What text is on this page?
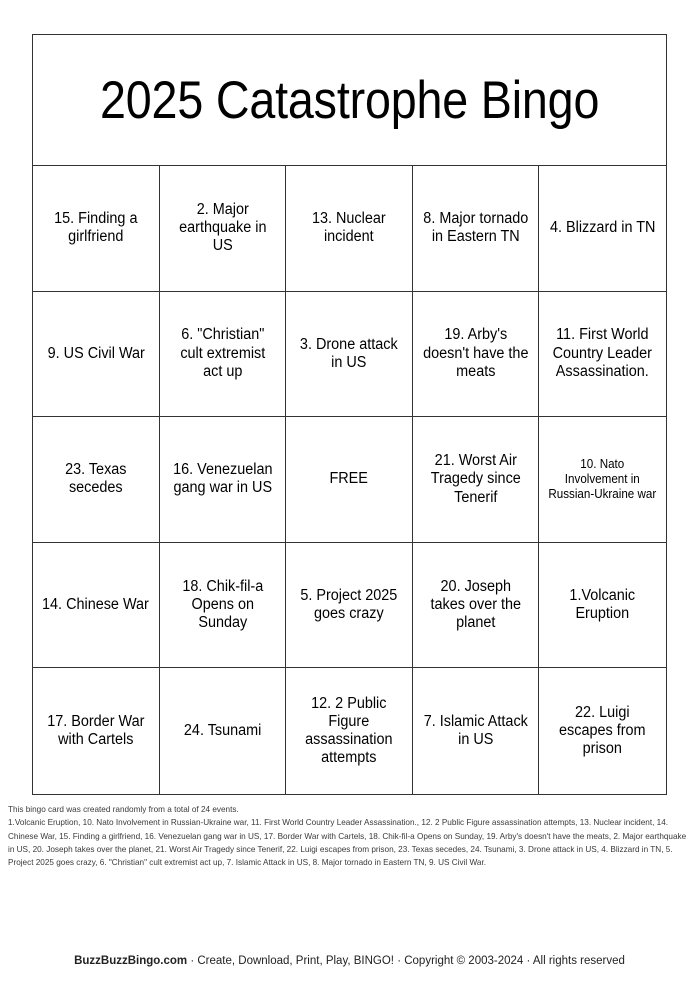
2025 Catastrophe Bingo
15. Finding a girlfriend
2. Major earthquake in US
13. Nuclear incident
8. Major tornado in Eastern TN
4. Blizzard in TN
9. US Civil War
6. "Christian" cult extremist act up
3. Drone attack in US
19. Arby's doesn't have the meats
11. First World Country Leader Assassination.
23. Texas secedes
16. Venezuelan gang war in US
FREE
21. Worst Air Tragedy since Tenerif
10. Nato Involvement in Russian-Ukraine war
14. Chinese War
18. Chik-fil-a Opens on Sunday
5. Project 2025 goes crazy
20. Joseph takes over the planet
1.Volcanic Eruption
17. Border War with Cartels
24. Tsunami
12. 2 Public Figure assassination attempts
7. Islamic Attack in US
22. Luigi escapes from prison
This bingo card was created randomly from a total of 24 events.
1.Volcanic Eruption, 10. Nato Involvement in Russian-Ukraine war, 11. First World Country Leader Assassination., 12. 2 Public Figure assassination attempts, 13. Nuclear incident, 14. Chinese War, 15. Finding a girlfriend, 16. Venezuelan gang war in US, 17. Border War with Cartels, 18. Chik-fil-a Opens on Sunday, 19. Arby's doesn't have the meats, 2. Major earthquake in US, 20. Joseph takes over the planet, 21. Worst Air Tragedy since Tenerif, 22. Luigi escapes from prison, 23. Texas secedes, 24. Tsunami, 3. Drone attack in US, 4. Blizzard in TN, 5. Project 2025 goes crazy, 6. "Christian" cult extremist act up, 7. Islamic Attack in US, 8. Major tornado in Eastern TN, 9. US Civil War.
BuzzBuzzBingo.com · Create, Download, Print, Play, BINGO! · Copyright © 2003-2024 · All rights reserved
